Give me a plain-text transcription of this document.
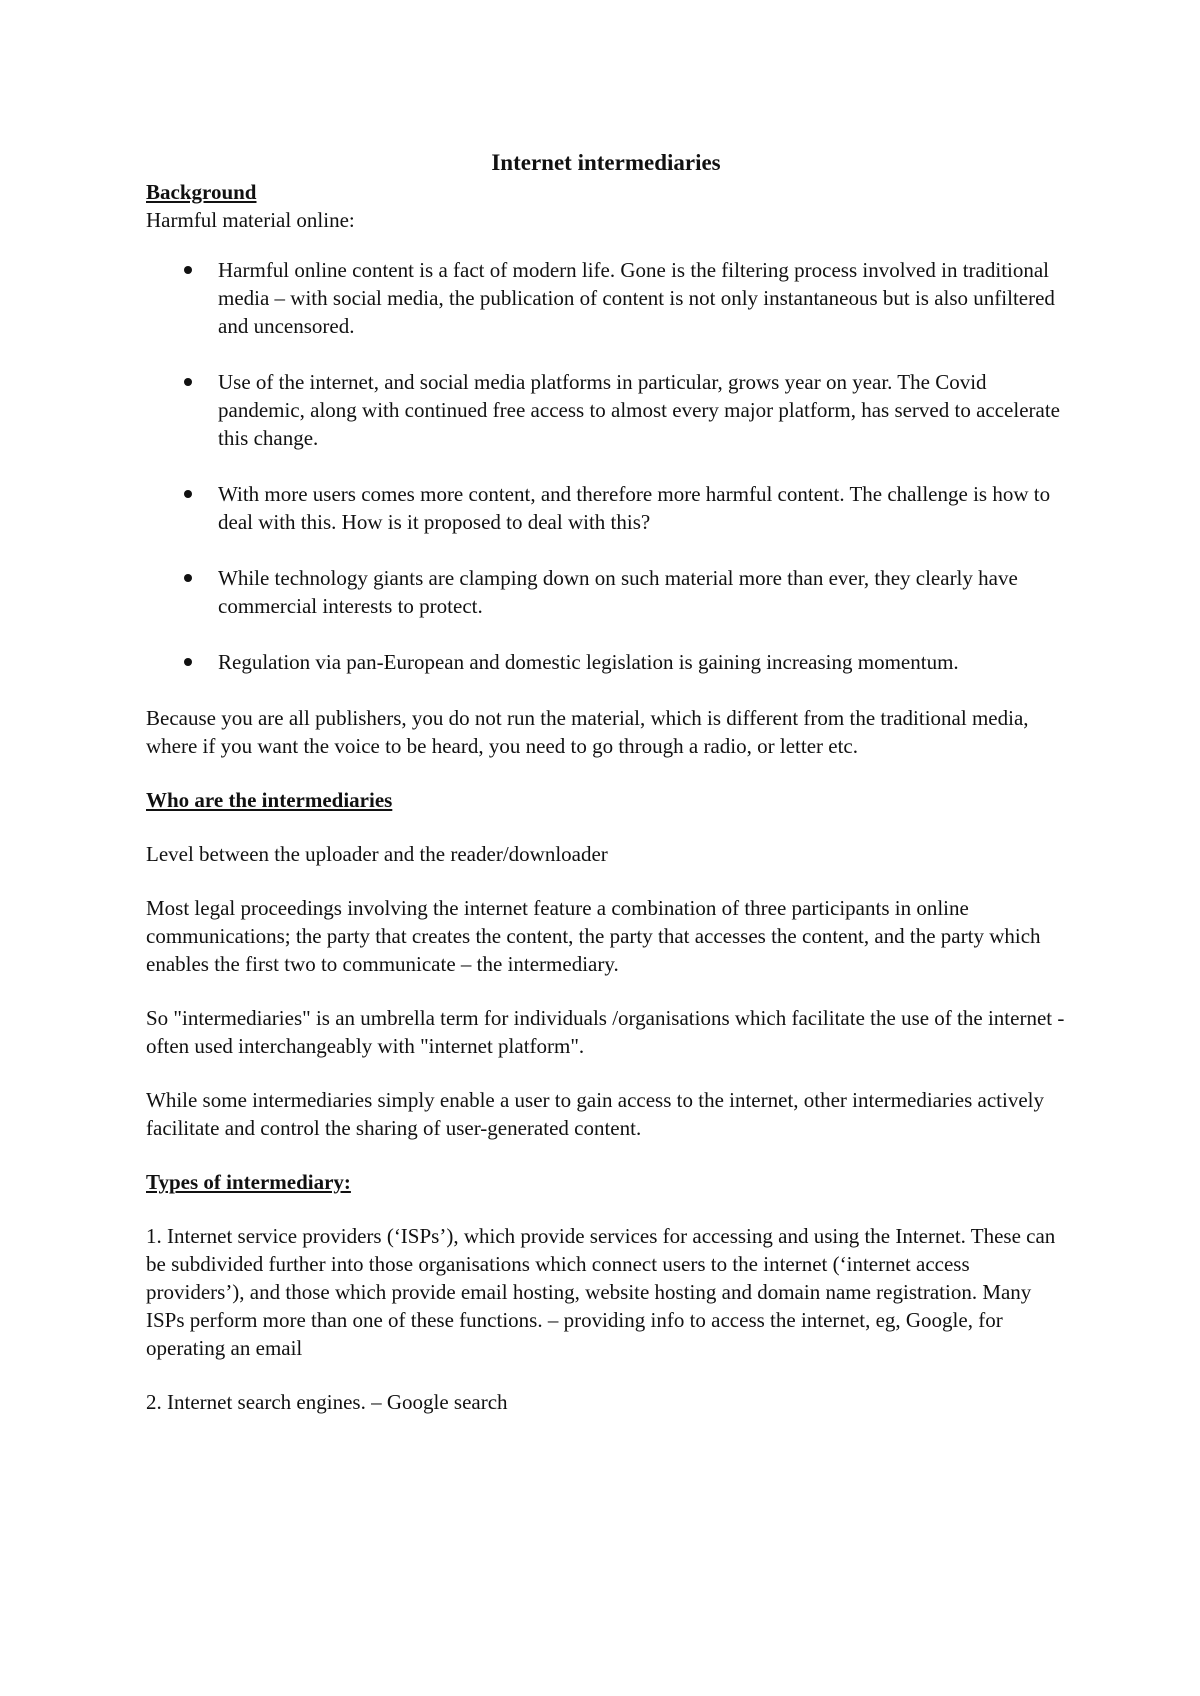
Internet intermediaries

Background

Harmful material online:

Harmful online content is a fact of modern life. Gone is the filtering process involved in traditional media – with social media, the publication of content is not only instantaneous but is also unfiltered and uncensored.
Use of the internet, and social media platforms in particular, grows year on year. The Covid pandemic, along with continued free access to almost every major platform, has served to accelerate this change.
With more users comes more content, and therefore more harmful content. The challenge is how to deal with this. How is it proposed to deal with this?
While technology giants are clamping down on such material more than ever, they clearly have commercial interests to protect.
Regulation via pan-European and domestic legislation is gaining increasing momentum.

Because you are all publishers, you do not run the material, which is different from the traditional media, where if you want the voice to be heard, you need to go through a radio, or letter etc.

Who are the intermediaries

Level between the uploader and the reader/downloader

Most legal proceedings involving the internet feature a combination of three participants in online communications; the party that creates the content, the party that accesses the content, and the party which enables the first two to communicate – the intermediary.

So "intermediaries" is an umbrella term for individuals /organisations which facilitate the use of the internet - often used interchangeably with "internet platform".

While some intermediaries simply enable a user to gain access to the internet, other intermediaries actively facilitate and control the sharing of user-generated content.

Types of intermediary:

1. Internet service providers (‘ISPs’), which provide services for accessing and using the Internet. These can be subdivided further into those organisations which connect users to the internet (‘internet access providers’), and those which provide email hosting, website hosting and domain name registration. Many ISPs perform more than one of these functions. – providing info to access the internet, eg, Google, for operating an email

2. Internet search engines. – Google search
